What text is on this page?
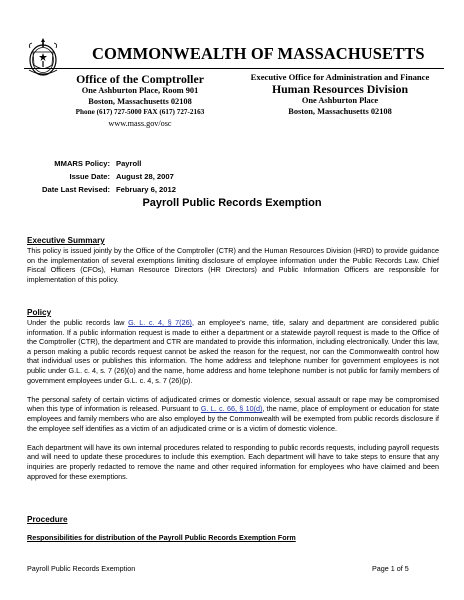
COMMONWEALTH OF MASSACHUSETTS
Office of the Comptroller
One Ashburton Place, Room 901
Boston, Massachusetts 02108
Phone (617) 727-5000 FAX (617) 727-2163
www.mass.gov/osc
Executive Office for Administration and Finance
Human Resources Division
One Ashburton Place
Boston, Massachusetts 02108
MMARS Policy: Payroll
Issue Date: August 28, 2007
Date Last Revised: February 6, 2012
Payroll Public Records Exemption
Executive Summary
This policy is issued jointly by the Office of the Comptroller (CTR) and the Human Resources Division (HRD) to provide guidance on the implementation of several exemptions limiting disclosure of employee information under the Public Records Law. Chief Fiscal Officers (CFOs), Human Resource Directors (HR Directors) and Public Information Officers are responsible for implementation of this policy.
Policy
Under the public records law G. L. c. 4, § 7(26), an employee's name, title, salary and department are considered public information. If a public information request is made to either a department or a statewide payroll request is made to the Office of the Comptroller (CTR), the department and CTR are mandated to provide this information, including electronically. Under this law, a person making a public records request cannot be asked the reason for the request, nor can the Commonwealth control how that individual uses or publishes this information. The home address and telephone number for government employees is not public under G.L. c. 4, s. 7 (26)(o) and the name, home address and home telephone number is not public for family members of government employees under G.L. c. 4, s. 7 (26)(p).
The personal safety of certain victims of adjudicated crimes or domestic violence, sexual assault or rape may be compromised when this type of information is released. Pursuant to G. L. c. 66, § 10(d), the name, place of employment or education for state employees and family members who are also employed by the Commonwealth will be exempted from public records disclosure if the employee self identifies as a victim of an adjudicated crime or is a victim of domestic violence.
Each department will have its own internal procedures related to responding to public records requests, including payroll requests and will need to update these procedures to include this exemption. Each department will have to take steps to ensure that any inquiries are properly redacted to remove the name and other required information for employees who have claimed and been approved for these exemptions.
Procedure
Responsibilities for distribution of the Payroll Public Records Exemption Form
Payroll Public Records Exemption	Page 1 of 5
